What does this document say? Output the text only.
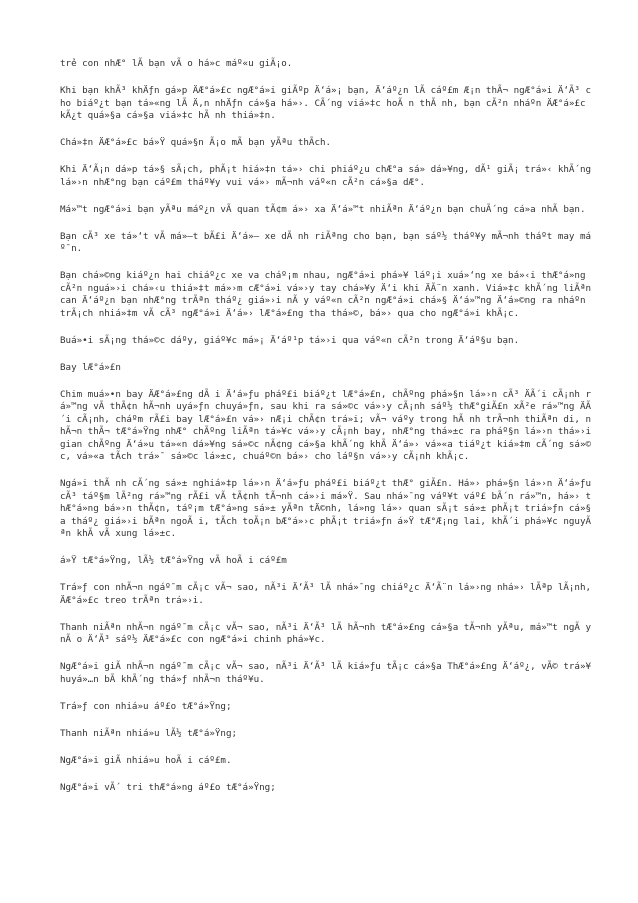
trẻ con nhÆ° lÃ bạn vÃ o há»c máº«u giÃ¡o.

Khi bạn khÃ³ khÄƒn gá»p ÄÆ°á»£c ngÆ°á»i giÃºp Ä‘á»¡ bạn, Ä‘áº¿n lÃ cáº£m Æ¡n thÃ¬ ngÆ°á»i Ä‘Ã³ cho biáº¿t bạn tá»«ng lÃ Ä‚n nhÄƒn cá»§a há»›. CÃ´ng viá»‡c hoÃ n thÃ nh, bạn cÃ²n nháºn ÄÆ°á»£c kÃ¿t quá»§a cá»§a viá»‡c hÃ nh thiá»‡n.

Chá»‡n ÄÆ°á»£c bá»Ÿ quá»§n Ã¡o mÃ bạn yÃªu thÃch.

Khi Ä‘Ã¡n dá»p tá»§ sÃ¡ch, phÃ¡t hiá»‡n tá»› chi phiáº¿u chÆ°a sá» dá»¥ng, dÃ¹ giÃ¡ trá»‹ khÃ´ng lá»›n nhÆ°ng bạn cáº£m tháº¥y vui vá»› mÃ¬nh váº«n cÃ²n cá»§a dÆ°.

Má»™t ngÆ°á»i bạn yÃªu máº¿n vÃ quan tÃ¢m á»› xa Ä‘á»™t nhiÃªn Ä‘áº¿n bạn chuÃ´ng cá»a nhÃ bạn.

Bạn cÃ³ xe tá»‘t vÃ má»—t bÃ£i Ä‘á»— xe dÃ nh riÃªng cho bạn, bạn sáº½ tháº¥y mÃ¬nh tháºt may máº¯n.

Bạn chá»©ng kiáº¿n hai chiáº¿c xe va cháº¡m nhau, ngÆ°á»i phá»¥ láº¡i xuá»‘ng xe bá»‹i thÆ°á»ng cÃ²n nguá»›i chá»‹u thiá»‡t má»›m cÆ°á»i vá»›y tay chá»¥y Ä‘i khi ÄÃ¨n xanh. Viá»‡c khÃ´ng liÃªn can Ä‘áº¿n bạn nhÆ°ng trÃªn tháº¿ giá»›i nÃ y váº«n cÃ²n ngÆ°á»i chá»§ Ä‘á»™ng Ä‘á»©ng ra nháºn trÃ¡ch nhiá»‡m vÃ cÃ³ ngÆ°á»i Ä‘á»› lÆ°á»£ng tha thá»©, bá»› qua cho ngÆ°á»i khÃ¡c.

Buá»•i sÃ¡ng thá»©c dáºy, giáº¥c má»¡ Ä‘áº¹p tá»›i qua váº«n cÃ²n trong Ä‘áº§u bạn.

Bay lÆ°á»£n

Chim muá»•n bay ÄÆ°á»£ng dÃ i Ä‘á»ƒu pháº£i biáº¿t lÆ°á»£n, chÃºng phá»§n lá»›n cÃ³ ÄÃ´i cÃ¡nh rá»™ng vÃ thÃ¢n hÃ¬nh uyá»ƒn chuyá»ƒn, sau khi ra sá»©c vá»›y cÃ¡nh sáº½ thÆ°giÃ£n xÃ²e rá»™ng ÄÃ´i cÃ¡nh, cháºm rÃ£i bay lÆ°á»£n vá»› nÆ¡i chÃ¢n trá»i; vÃ¬ váºy trong hÃ nh trÃ¬nh thiÃªn di, nhÃ¬n thÃ¬ tÆ°á»Ÿng nhÆ° chÃºng liÃªn tá»¥c vá»›y cÃ¡nh bay, nhÆ°ng thá»±c ra pháº§n lá»›n thá»›i gian chÃºng Ä‘á»u tá»«n dá»¥ng sá»©c nÃ¢ng cá»§a khÃ´ng khÃ Ä‘á»› vá»«a tiáº¿t kiá»‡m cÃ´ng sá»©c, vá»«a tÃch trá»¯ sá»©c lá»±c, chuáº©n bá»› cho láº§n vá»›y cÃ¡nh khÃ¡c.

Ngá»i thÃ nh cÃ´ng sá»± nghiá»‡p lá»›n Ä‘á»ƒu pháº£i biáº¿t thÆ° giÃ£n. Há»› phá»§n lá»›n Ä‘á»ƒu cÃ³ táº§m lÃ²ng rá»™ng rÃ£i vÃ tÃ¢nh tÃ¬nh cá»›i má»Ÿ. Sau nhá»¯ng váº¥t váº£ bÃ´n rá»™n, há»› thÆ°á»ng bá»›n thÃ¢n, táº¡m tÆ°á»ng sá»± yÃªn tÄ©nh, lá»ng lá»› quan sÃ¡t sá»± phÃ¡t triá»ƒn cá»§a tháº¿ giá»›i bÃªn ngoÃ i, tÃch toÃ¡n bÆ°á»›c phÃ¡t triá»ƒn á»Ÿ tÆ°Æ¡ng lai, khÃ´i phá»¥c nguyÃªn khÃ vÃ xung lá»±c.

á»Ÿ tÆ°á»Ÿng, lÃ½ tÆ°á»Ÿng vÃ hoÃ i cáº£m

Trá»ƒ con nhÃ¬n ngáº¯m cÃ¡c vÃ¬ sao, nÃ³i Ä‘Ã³ lÃ nhá»¯ng chiáº¿c Ä‘Ã¨n lá»›ng nhá»› lÃªp lÃ¡nh, ÄÆ°á»£c treo trÃªn trá»›i.

Thanh niÃªn nhÃ¬n ngáº¯m cÃ¡c vÃ¬ sao, nÃ³i Ä‘Ã³ lÃ hÃ¬nh tÆ°á»£ng cá»§a tÃ¬nh yÃªu, má»™t ngÃ y nÃ o Ä‘Ã³ sáº½ ÄÆ°á»£c con ngÆ°á»i chinh phá»¥c.

NgÆ°á»i giÃ nhÃ¬n ngáº¯m cÃ¡c vÃ¬ sao, nÃ³i Ä‘Ã³ lÃ kiá»ƒu tÃ¡c cá»§a ThÆ°á»£ng Ä‘áº¿, vÃ© trá»¥ huyá»…n bÃ khÃ´ng thá»ƒ nhÃ¬n tháº¥u.

Trá»ƒ con nhiá»u áº£o tÆ°á»Ÿng;

Thanh niÃªn nhiá»u lÃ½ tÆ°á»Ÿng;

NgÆ°á»i giÃ nhiá»u hoÃ i cáº£m.

NgÆ°á»i vÃ´ tri thÆ°á»ng áº£o tÆ°á»Ÿng;
